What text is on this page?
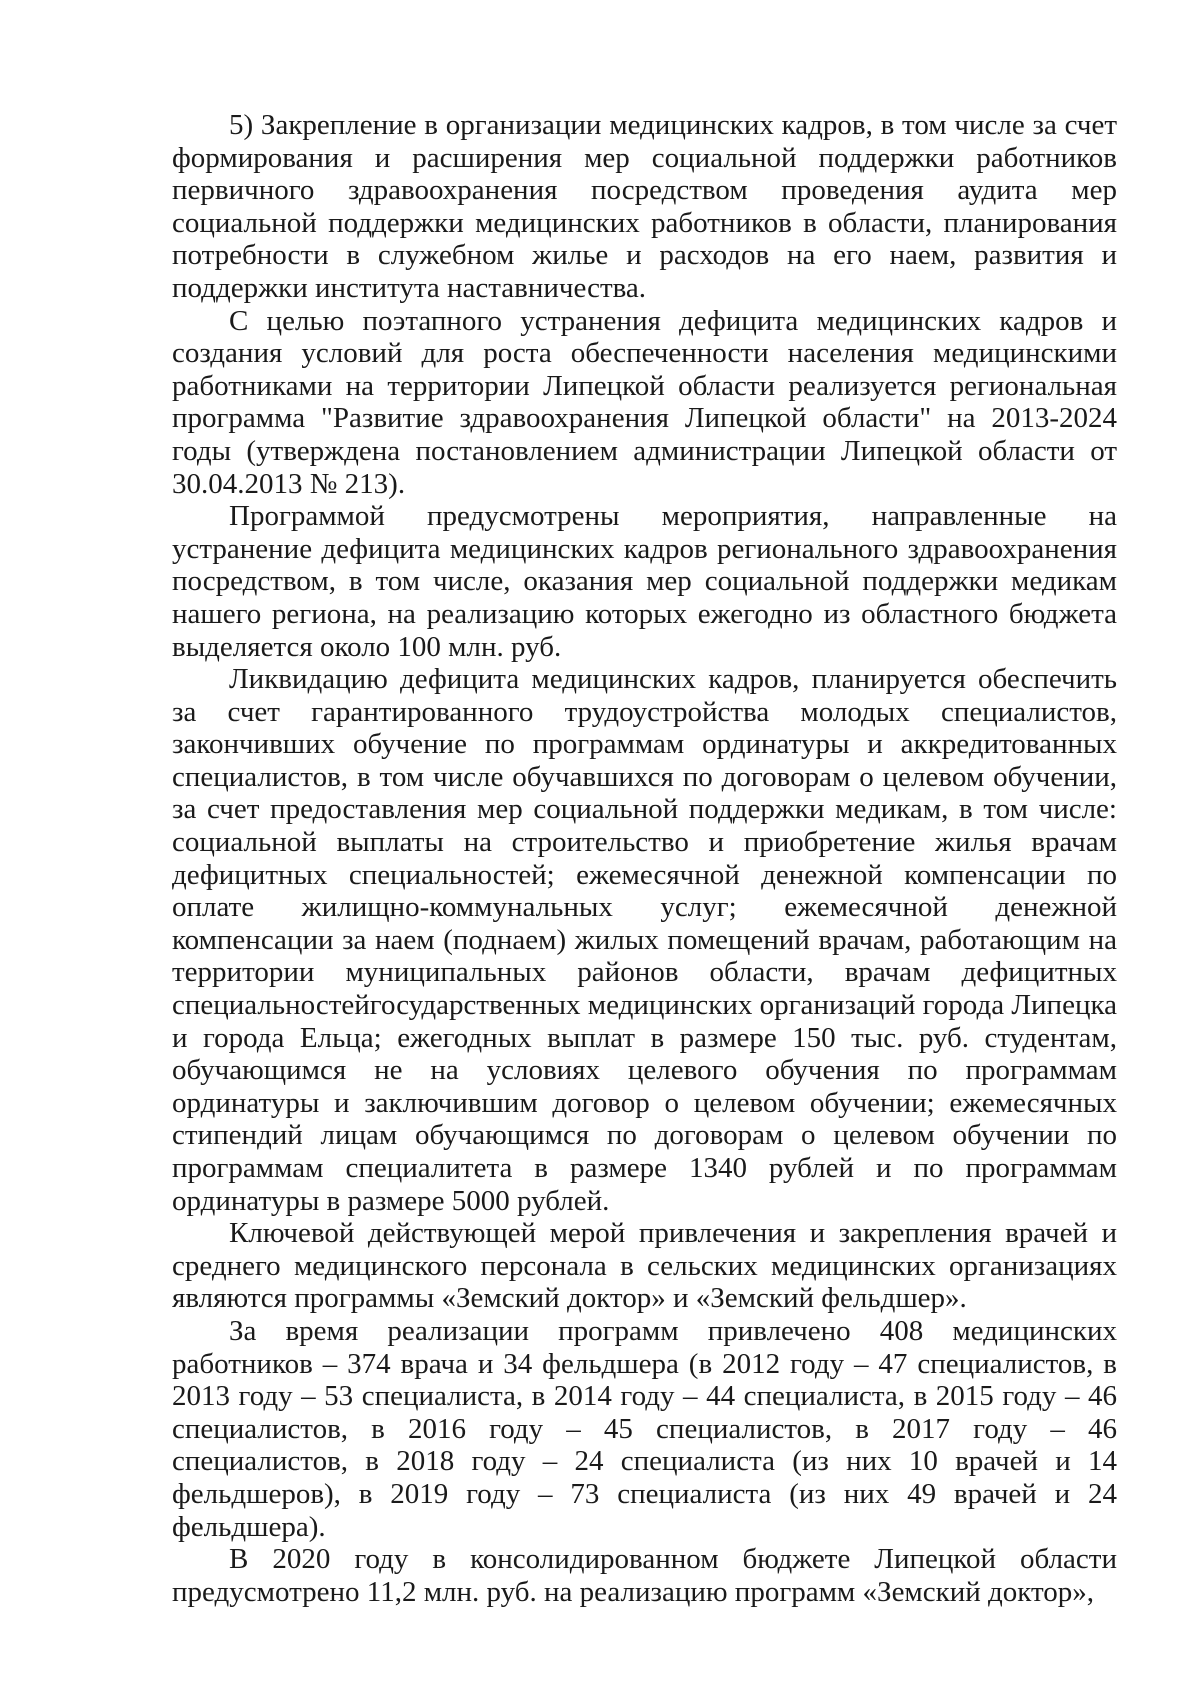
5) Закрепление в организации медицинских кадров, в том числе за счет формирования и расширения мер социальной поддержки работников первичного здравоохранения посредством проведения аудита мер социальной поддержки медицинских работников в области, планирования потребности в служебном жилье и расходов на его наем, развития и поддержки института наставничества.

С целью поэтапного устранения дефицита медицинских кадров и создания условий для роста обеспеченности населения медицинскими работниками на территории Липецкой области реализуется региональная программа "Развитие здравоохранения Липецкой области" на 2013-2024 годы (утверждена постановлением администрации Липецкой области от 30.04.2013 № 213).

Программой предусмотрены мероприятия, направленные на устранение дефицита медицинских кадров регионального здравоохранения посредством, в том числе, оказания мер социальной поддержки медикам нашего региона, на реализацию которых ежегодно из областного бюджета выделяется около 100 млн. руб.

Ликвидацию дефицита медицинских кадров, планируется обеспечить за счет гарантированного трудоустройства молодых специалистов, закончивших обучение по программам ординатуры и аккредитованных специалистов, в том числе обучавшихся по договорам о целевом обучении, за счет предоставления мер социальной поддержки медикам, в том числе: социальной выплаты на строительство и приобретение жилья врачам дефицитных специальностей; ежемесячной денежной компенсации по оплате жилищно-коммунальных услуг; ежемесячной денежной компенсации за наем (поднаем) жилых помещений врачам, работающим на территории муниципальных районов области, врачам дефицитных специальностейгосударственных медицинских организаций города Липецка и города Ельца; ежегодных выплат в размере 150 тыс. руб. студентам, обучающимся не на условиях целевого обучения по программам ординатуры и заключившим договор о целевом обучении; ежемесячных стипендий лицам обучающимся по договорам о целевом обучении по программам специалитета в размере 1340 рублей и по программам ординатуры в размере 5000 рублей.

Ключевой действующей мерой привлечения и закрепления врачей и среднего медицинского персонала в сельских медицинских организациях являются программы «Земский доктор» и «Земский фельдшер».

За время реализации программ привлечено 408 медицинских работников – 374 врача и 34 фельдшера (в 2012 году – 47 специалистов, в 2013 году – 53 специалиста, в 2014 году – 44 специалиста, в 2015 году – 46 специалистов, в 2016 году – 45 специалистов, в 2017 году – 46 специалистов, в 2018 году – 24 специалиста (из них 10 врачей и 14 фельдшеров), в 2019 году – 73 специалиста (из них 49 врачей и 24 фельдшера).

В 2020 году в консолидированном бюджете Липецкой области предусмотрено 11,2 млн. руб. на реализацию программ «Земский доктор»,
